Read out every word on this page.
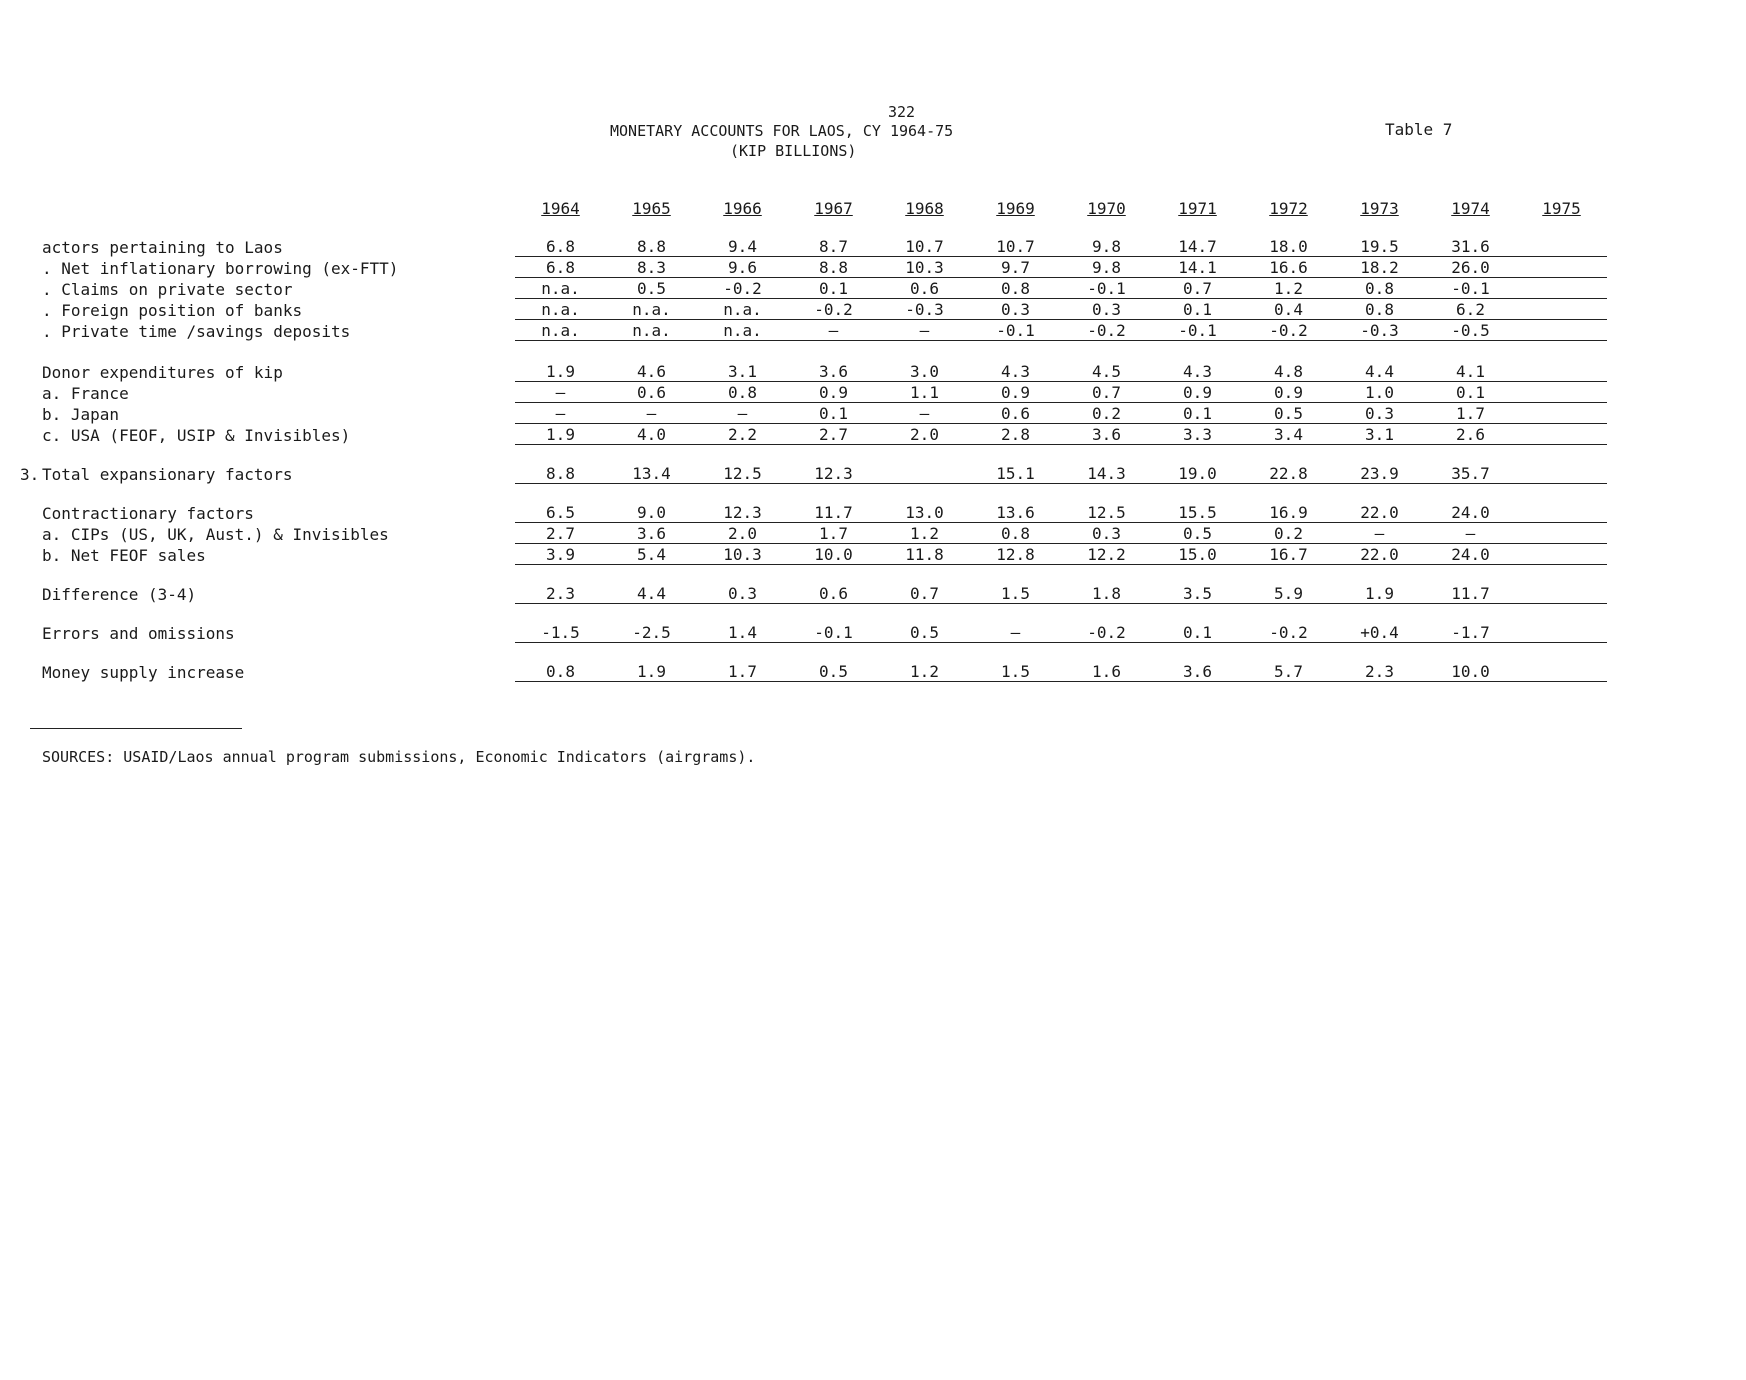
322
MONETARY ACCOUNTS FOR LAOS, CY 1964-75
(KIP BILLIONS)
Table 7
	1964	1965	1966	1967	1968	1969	1970	1971	1972	1973	1974	1975

actors pertaining to Laos	6.8	8.8	9.4	8.7	10.7	10.7	9.8	14.7	18.0	19.5	31.6	
. Net inflationary borrowing (ex-FTT)	6.8	8.3	9.6	8.8	10.3	9.7	9.8	14.1	16.6	18.2	26.0	
. Claims on private sector	n.a.	0.5	-0.2	0.1	0.6	0.8	-0.1	0.7	1.2	0.8	-0.1	
. Foreign position of banks	n.a.	n.a.	n.a.	-0.2	-0.3	0.3	0.3	0.1	0.4	0.8	6.2	
. Private time /savings deposits	n.a.	n.a.	n.a.	—	—	-0.1	-0.2	-0.1	-0.2	-0.3	-0.5	

Donor expenditures of kip	1.9	4.6	3.1	3.6	3.0	4.3	4.5	4.3	4.8	4.4	4.1	
a. France	—	0.6	0.8	0.9	1.1	0.9	0.7	0.9	0.9	1.0	0.1	
b. Japan	—	—	—	0.1	—	0.6	0.2	0.1	0.5	0.3	1.7	
c. USA (FEOF, USIP & Invisibles)	1.9	4.0	2.2	2.7	2.0	2.8	3.6	3.3	3.4	3.1	2.6	

3. Total expansionary factors	8.8	13.4	12.5	12.3		15.1	14.3	19.0	22.8	23.9	35.7	

Contractionary factors	6.5	9.0	12.3	11.7	13.0	13.6	12.5	15.5	16.9	22.0	24.0	
a. CIPs (US, UK, Aust.) & Invisibles	2.7	3.6	2.0	1.7	1.2	0.8	0.3	0.5	0.2	—	—	
b. Net FEOF sales	3.9	5.4	10.3	10.0	11.8	12.8	12.2	15.0	16.7	22.0	24.0	

Difference (3-4)	2.3	4.4	0.3	0.6	0.7	1.5	1.8	3.5	5.9	1.9	11.7	

Errors and omissions	-1.5	-2.5	1.4	-0.1	0.5	—	-0.2	0.1	-0.2	+0.4	-1.7	

Money supply increase	0.8	1.9	1.7	0.5	1.2	1.5	1.6	3.6	5.7	2.3	10.0	
SOURCES: USAID/Laos annual program submissions, Economic Indicators (airgrams).
